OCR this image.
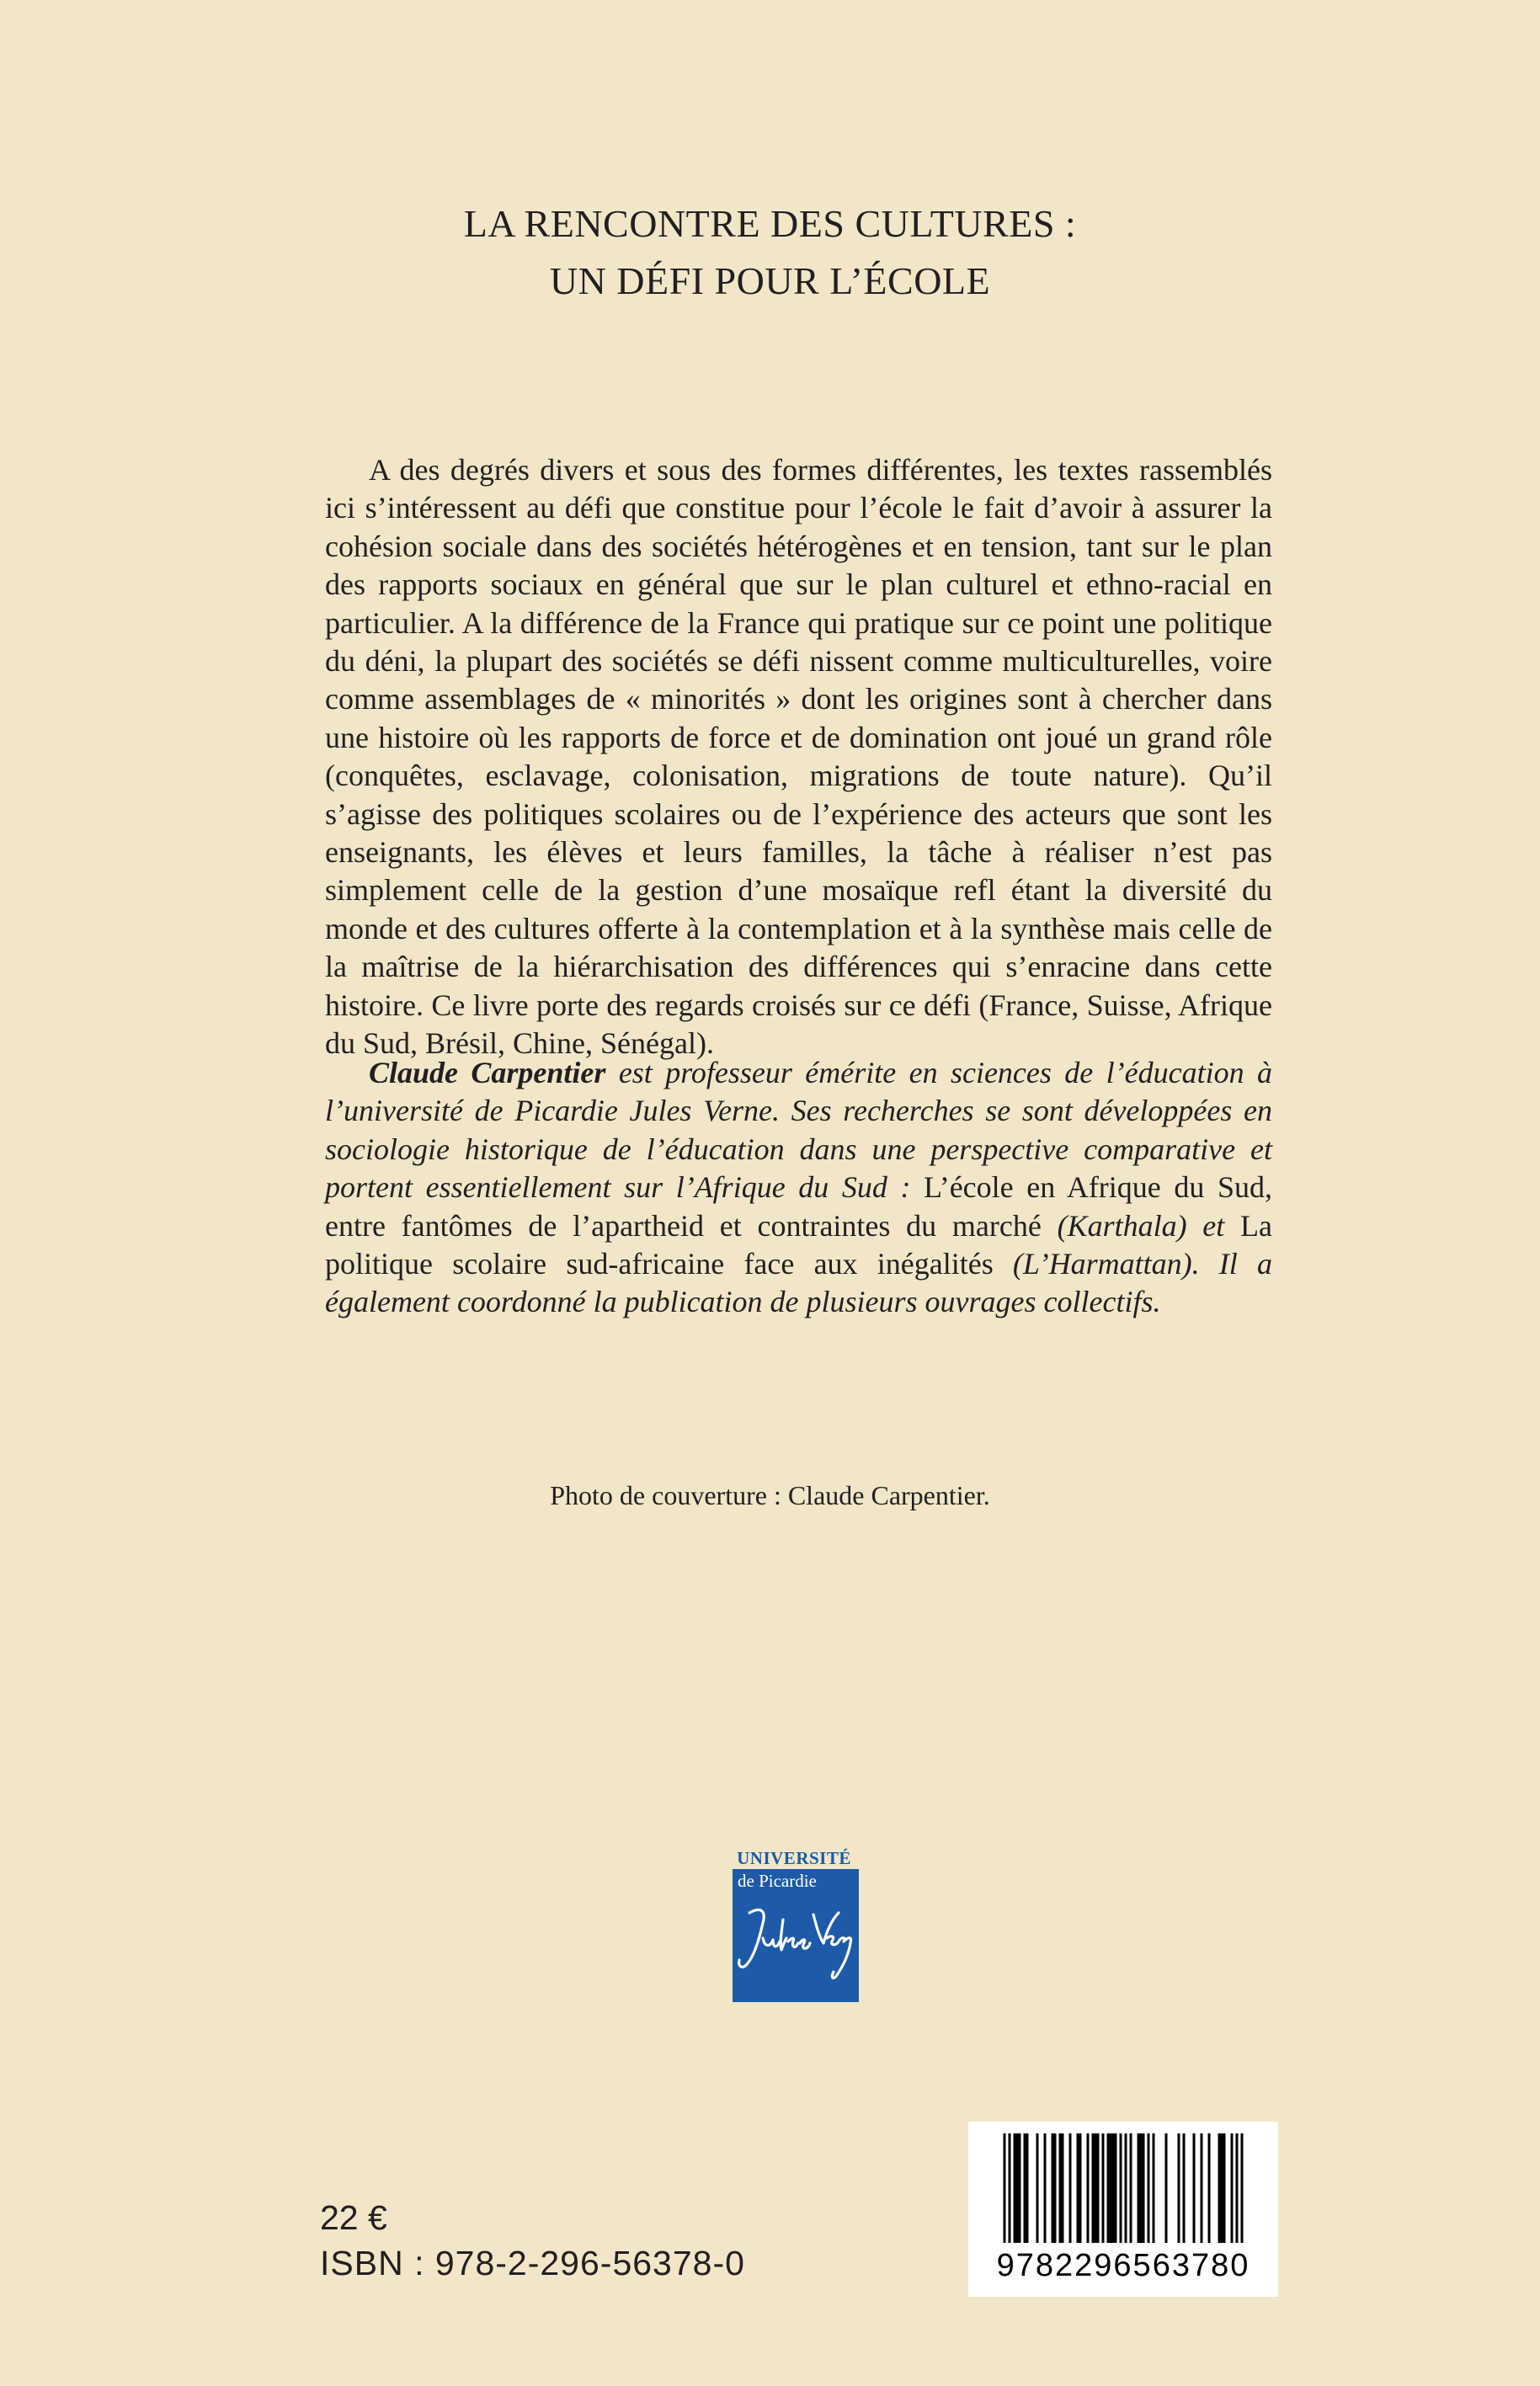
LA RENCONTRE DES CULTURES :
UN DÉFI POUR L’ÉCOLE

A des degrés divers et sous des formes différentes, les textes rassemblés ici s’intéressent au défi que constitue pour l’école le fait d’avoir à assurer la cohésion sociale dans des sociétés hétérogènes et en tension, tant sur le plan des rapports sociaux en général que sur le plan culturel et ethno-racial en particulier. A la différence de la France qui pratique sur ce point une politique du déni, la plupart des sociétés se défi nissent comme multiculturelles, voire comme assemblages de « minorités » dont les origines sont à chercher dans une histoire où les rapports de force et de domination ont joué un grand rôle (conquêtes, esclavage, colonisation, migrations de toute nature). Qu’il s’agisse des politiques scolaires ou de l’expérience des acteurs que sont les enseignants, les élèves et leurs familles, la tâche à réaliser n’est pas simplement celle de la gestion d’une mosaïque refl étant la diversité du monde et des cultures offerte à la contemplation et à la synthèse mais celle de la maîtrise de la hiérarchisation des différences qui s’enracine dans cette histoire. Ce livre porte des regards croisés sur ce défi (France, Suisse, Afrique du Sud, Brésil, Chine, Sénégal).

Claude Carpentier est professeur émérite en sciences de l’éducation à l’université de Picardie Jules Verne. Ses recherches se sont développées en sociologie historique de l’éducation dans une perspective comparative et portent essentiellement sur l’Afrique du Sud : L’école en Afrique du Sud, entre fantômes de l’apartheid et contraintes du marché (Karthala) et La politique scolaire sud-africaine face aux inégalités (L’Harmattan). Il a également coordonné la publication de plusieurs ouvrages collectifs.

Photo de couverture : Claude Carpentier.
UNIVERSITÉ
de Picardie
22 €
ISBN : 978-2-296-56378-0	9782296563780
